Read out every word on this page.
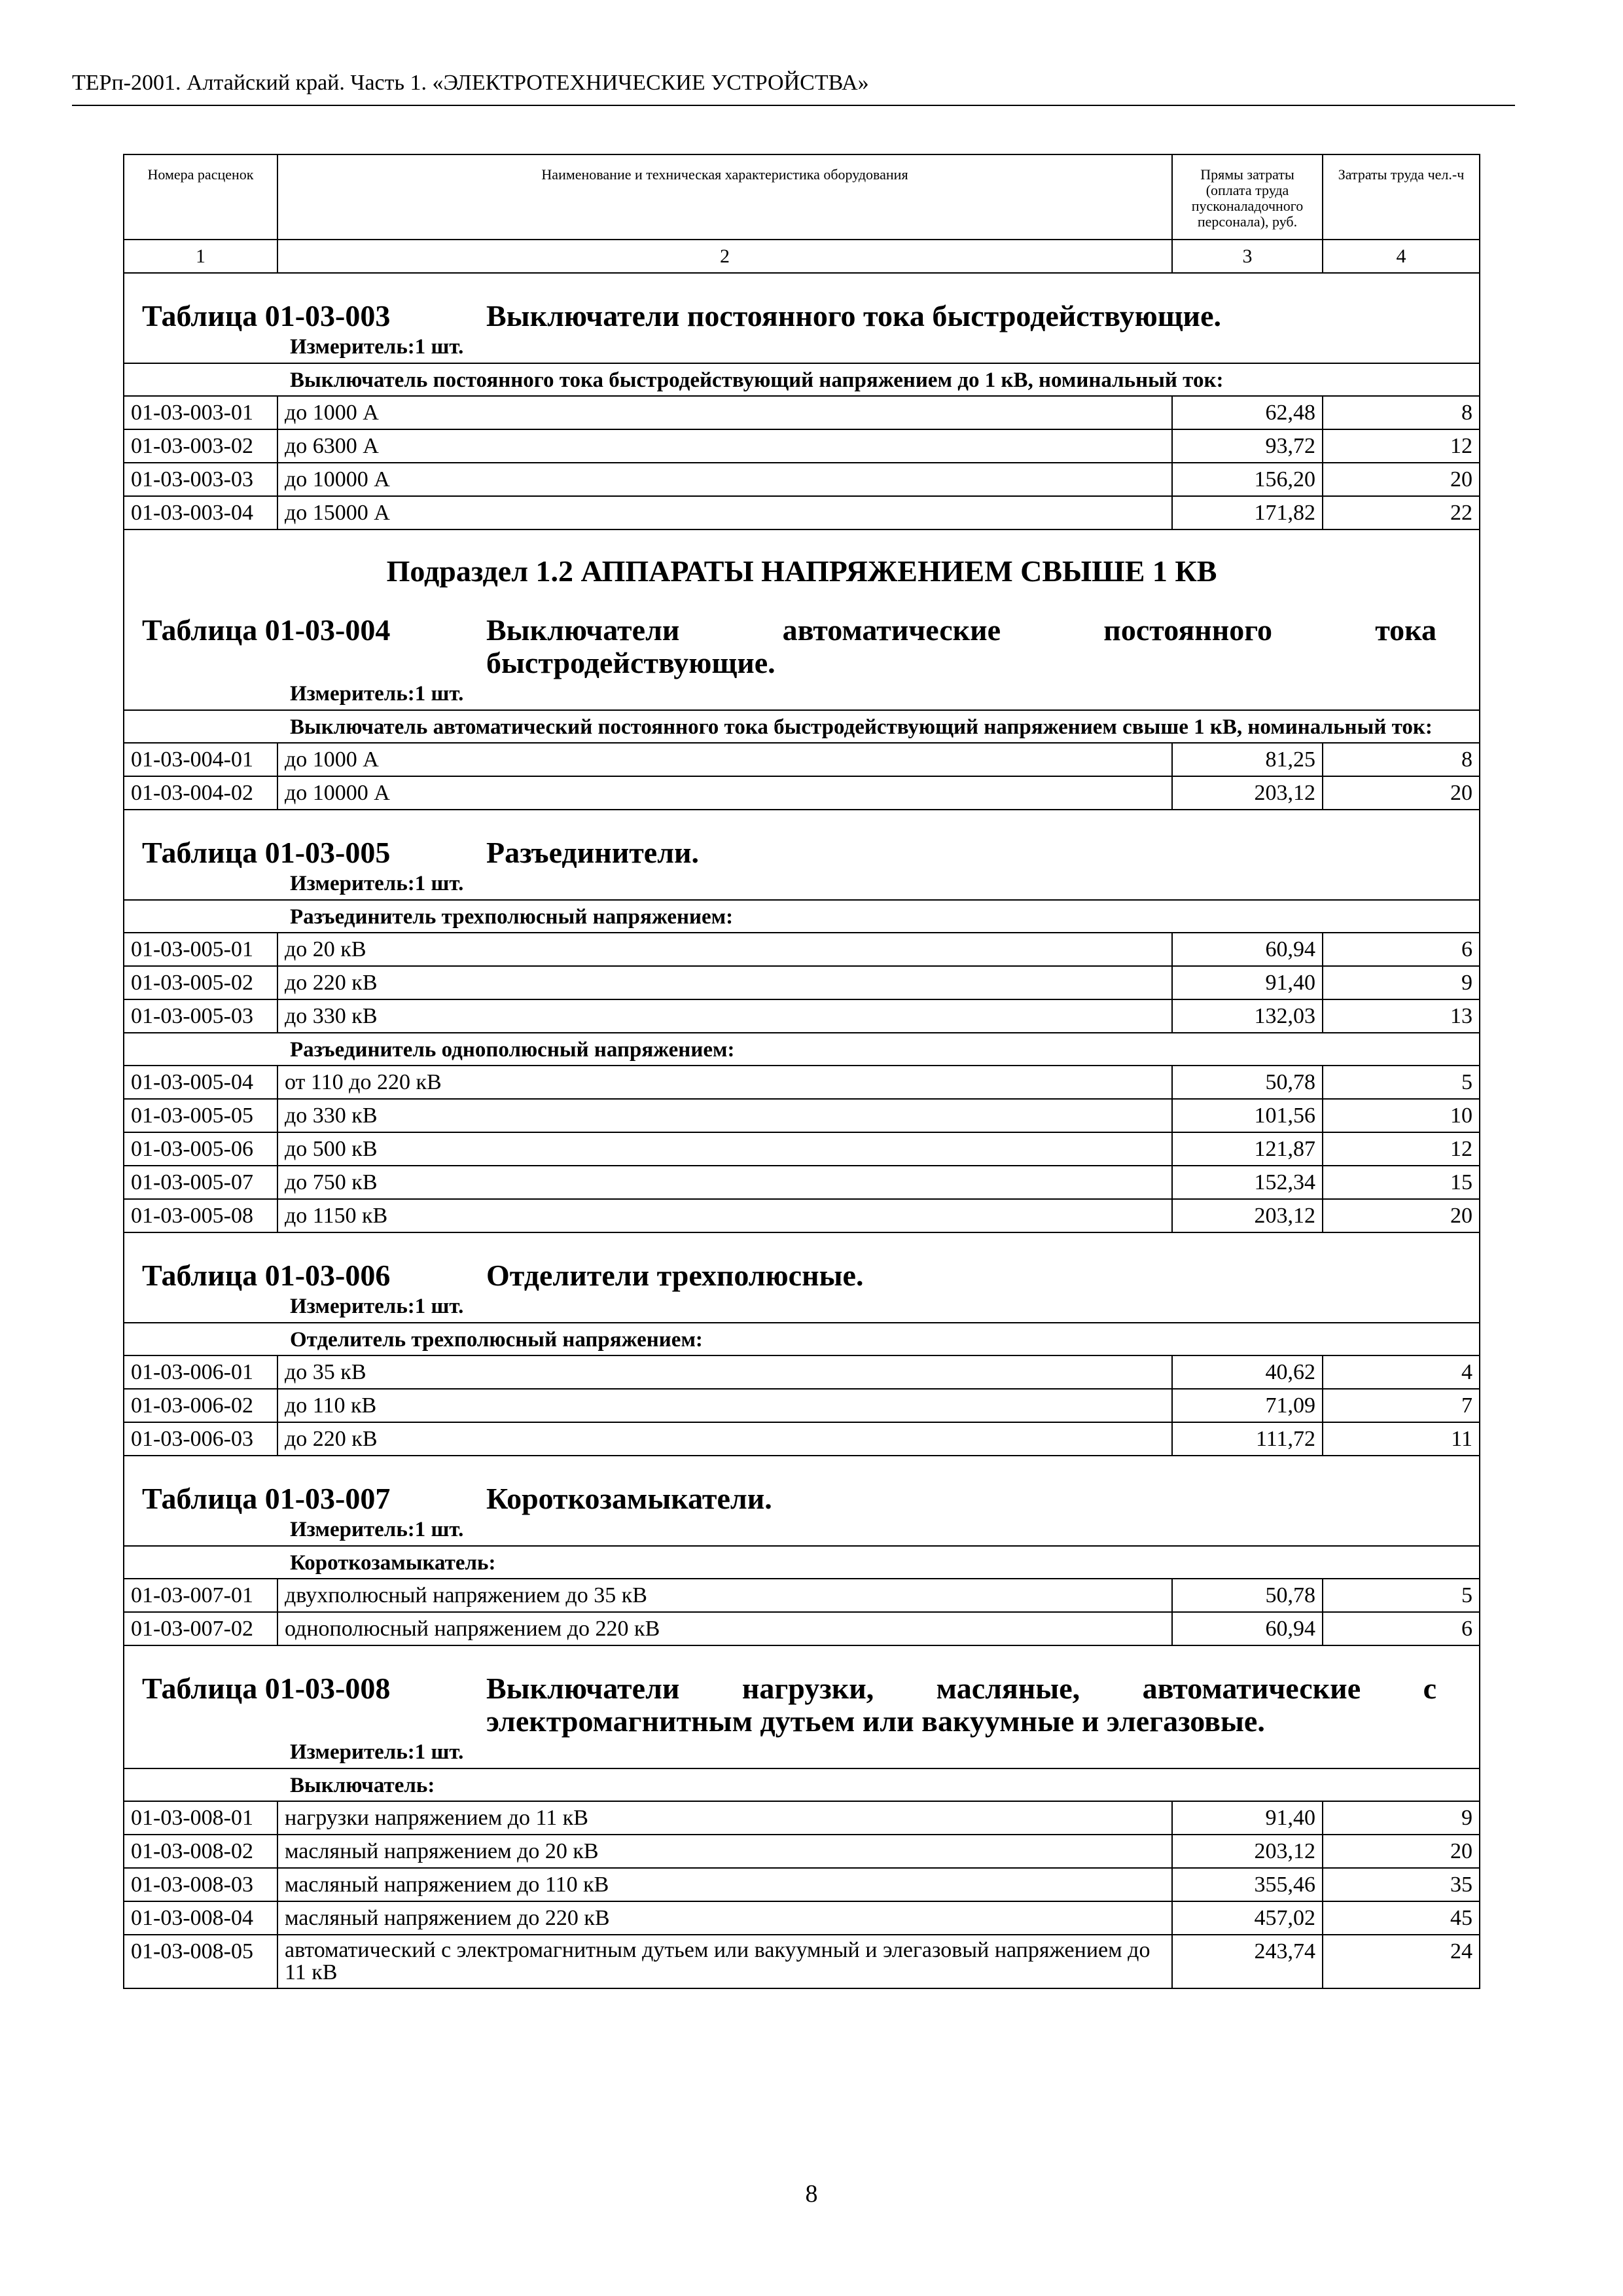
ТЕРп-2001. Алтайский край. Часть 1. «ЭЛЕКТРОТЕХНИЧЕСКИЕ УСТРОЙСТВА»
Номера расценок	Наименование и техническая характеристика оборудования	Прямы затраты (оплата труда пусконаладочного персонала), руб.	Затраты труда чел.-ч
1	2	3	4

Таблица 01-03-003 Выключатели постоянного тока быстродействующие.
Измеритель:1 шт.			

Выключатель постоянного тока быстродействующий напряжением до 1 кВ, номинальный ток:			
01-03-003-01	до 1000 А	62,48	8
01-03-003-02	до 6300 А	93,72	12
01-03-003-03	до 10000 А	156,20	20
01-03-003-04	до 15000 А	171,82	22
Подраздел 1.2 АППАРАТЫ НАПРЯЖЕНИЕМ СВЫШЕ 1 КВ			

Таблица 01-03-004 Выключатели автоматические постоянного тока быстродействующие.
Измеритель:1 шт.			

Выключатель автоматический постоянного тока быстродействующий напряжением свыше 1 кВ, номинальный ток:			
01-03-004-01	до 1000 А	81,25	8
01-03-004-02	до 10000 А	203,12	20

Таблица 01-03-005 Разъединители.
Измеритель:1 шт.			

Разъединитель трехполюсный напряжением:			
01-03-005-01	до 20 кВ	60,94	6
01-03-005-02	до 220 кВ	91,40	9
01-03-005-03	до 330 кВ	132,03	13
Разъединитель однополюсный напряжением:			
01-03-005-04	от 110 до 220 кВ	50,78	5
01-03-005-05	до 330 кВ	101,56	10
01-03-005-06	до 500 кВ	121,87	12
01-03-005-07	до 750 кВ	152,34	15
01-03-005-08	до 1150 кВ	203,12	20

Таблица 01-03-006 Отделители трехполюсные.
Измеритель:1 шт.			

Отделитель трехполюсный напряжением:			
01-03-006-01	до 35 кВ	40,62	4
01-03-006-02	до 110 кВ	71,09	7
01-03-006-03	до 220 кВ	111,72	11

Таблица 01-03-007 Короткозамыкатели.
Измеритель:1 шт.			

Короткозамыкатель:			
01-03-007-01	двухполюсный напряжением до 35 кВ	50,78	5
01-03-007-02	однополюсный напряжением до 220 кВ	60,94	6

Таблица 01-03-008 Выключатели нагрузки, масляные, автоматические с электромагнитным дутьем или вакуумные и элегазовые.
Измеритель:1 шт.			

Выключатель:			
01-03-008-01	нагрузки напряжением до 11 кВ	91,40	9
01-03-008-02	масляный напряжением до 20 кВ	203,12	20
01-03-008-03	масляный напряжением до 110 кВ	355,46	35
01-03-008-04	масляный напряжением до 220 кВ	457,02	45
01-03-008-05	автоматический с электромагнитным дутьем или вакуумный и элегазовый напряжением до 11 кВ	243,74	24
8
